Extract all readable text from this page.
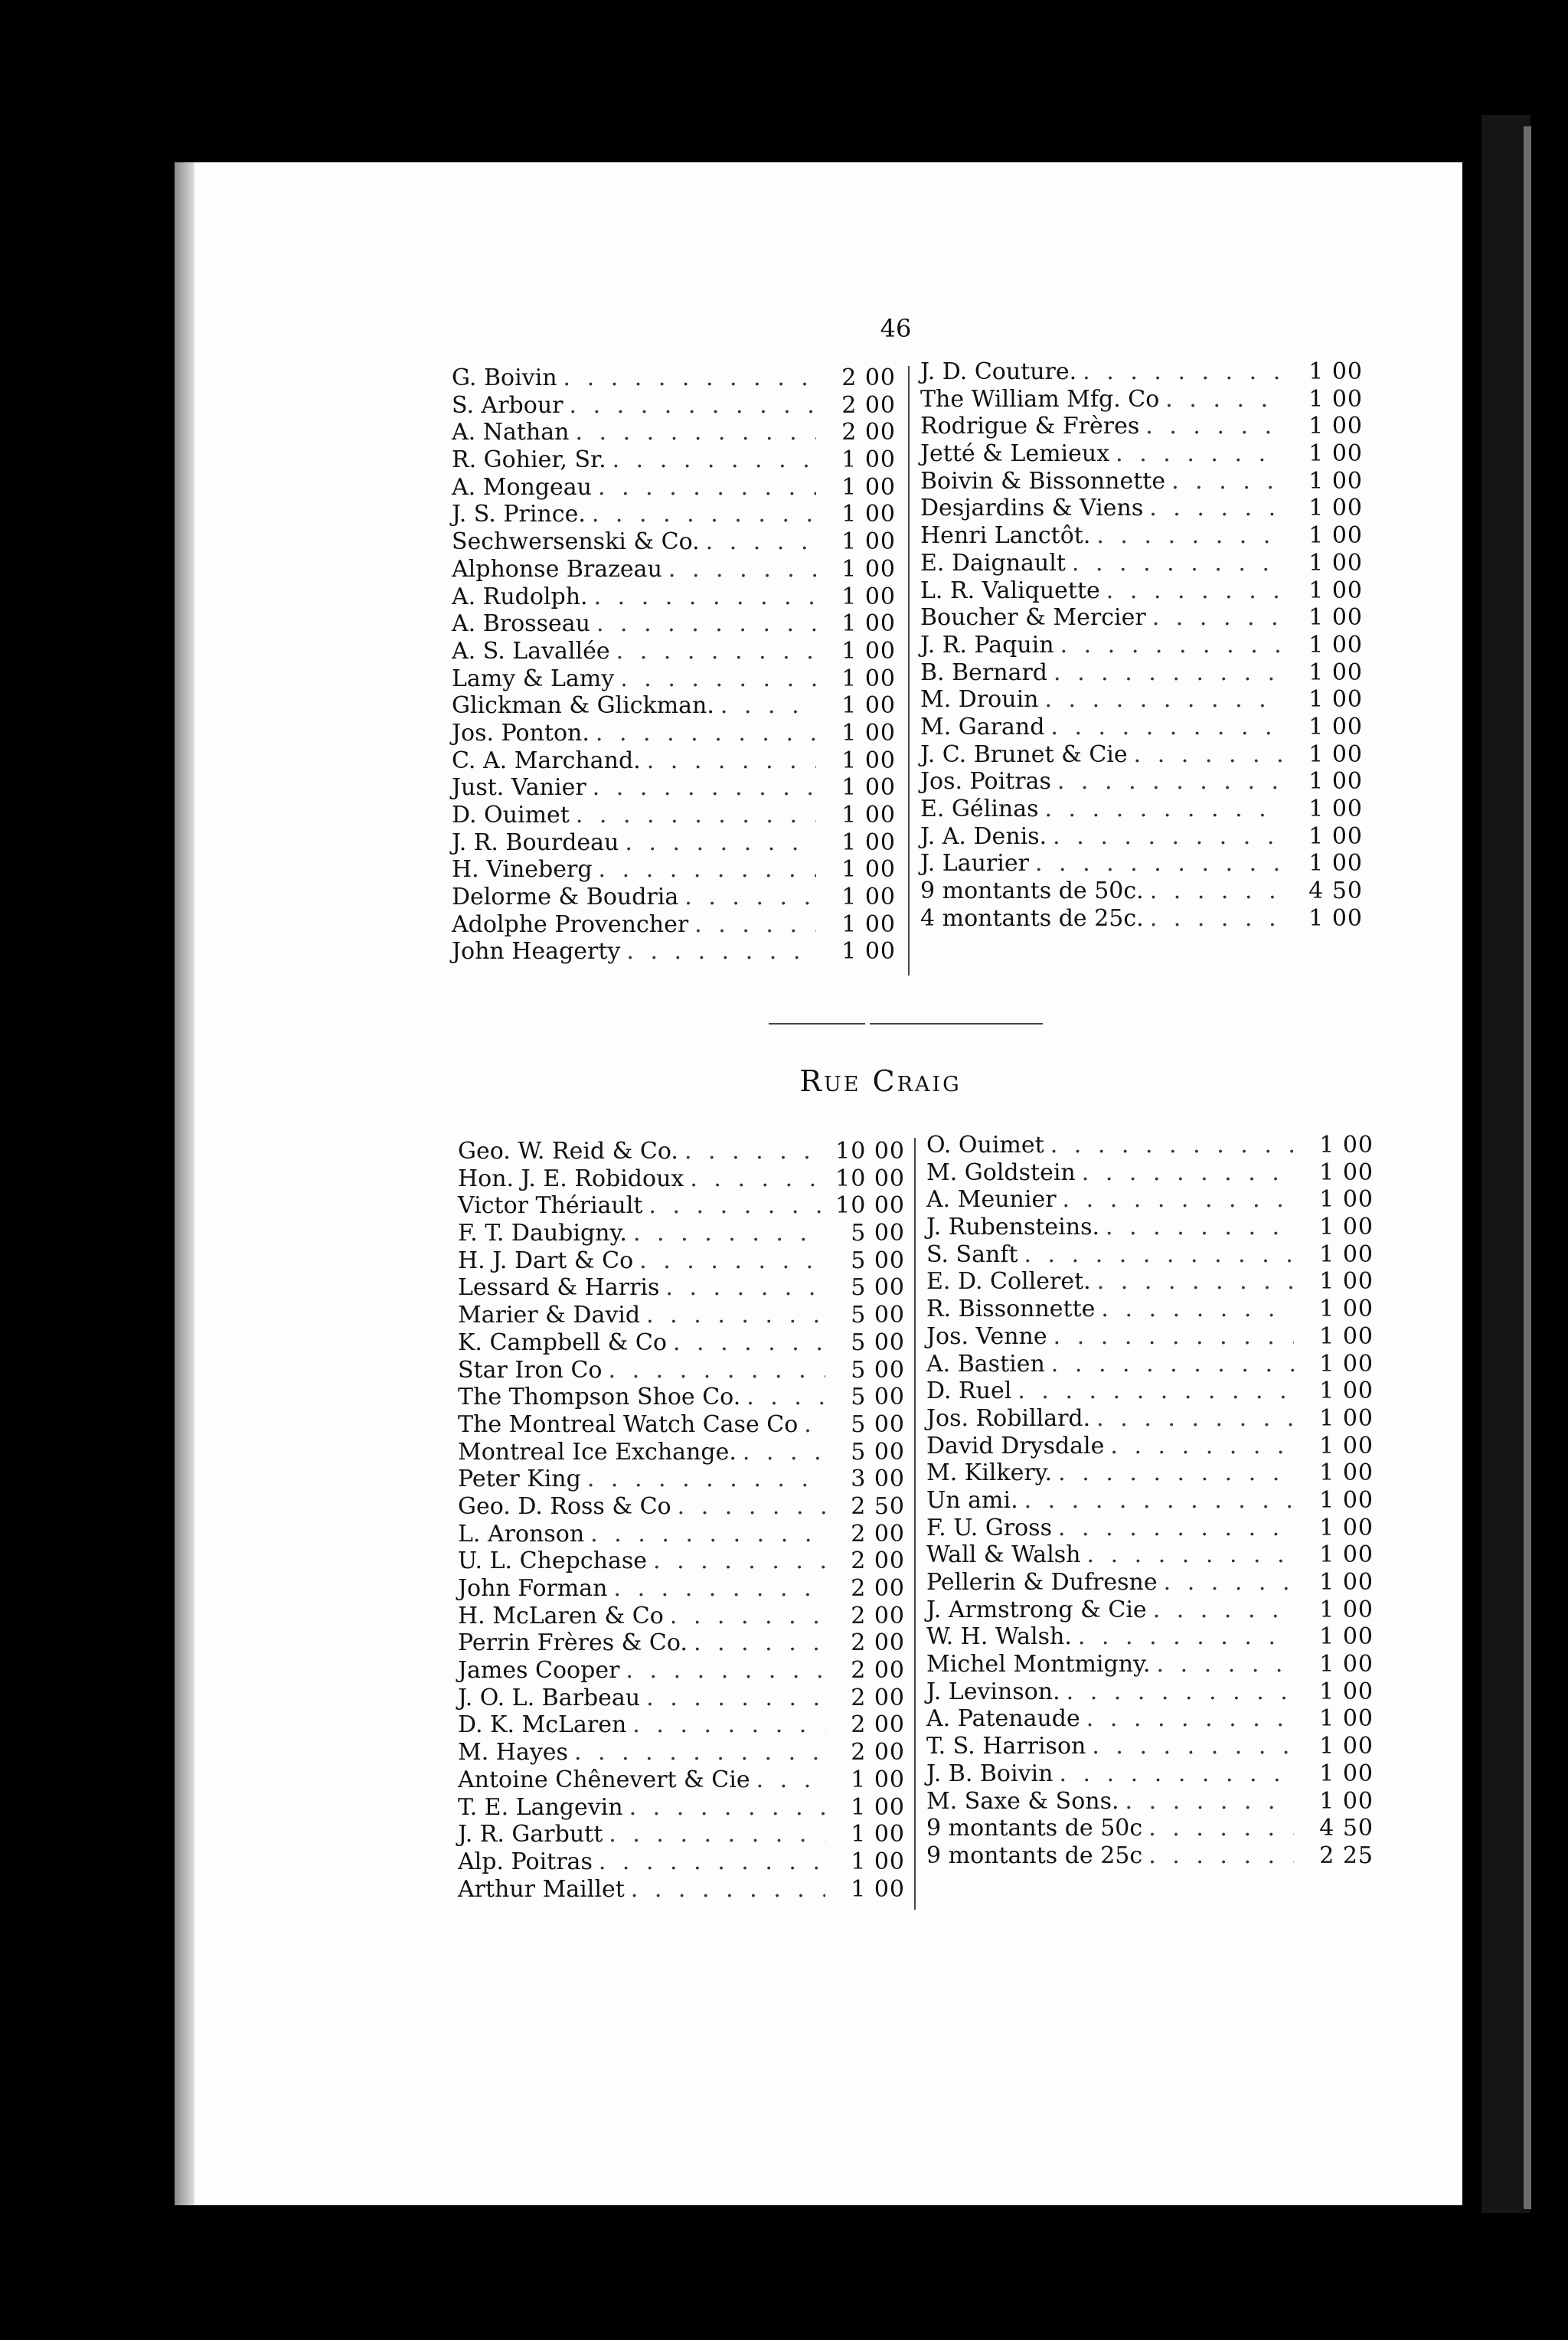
46
G. Boivin . . .	2 00
S. Arbour . . .	2 00
A. Nathan . . .	2 00
R. Gohier, Sr. . . .	1 00
A. Mongeau . . .	1 00
J. S. Prince. . . .	1 00
Sechwersenski & Co. . . .	1 00
Alphonse Brazeau . . .	1 00
A. Rudolph. . . .	1 00
A. Brosseau . . .	1 00
A. S. Lavallée . . .	1 00
Lamy & Lamy . . .	1 00
Glickman & Glickman. . . .	1 00
Jos. Ponton. . . .	1 00
C. A. Marchand. . . .	1 00
Just. Vanier . . .	1 00
D. Ouimet . . .	1 00
J. R. Bourdeau . . .	1 00
H. Vineberg . . .	1 00
Delorme & Boudria . . .	1 00
Adolphe Provencher . . .	1 00
John Heagerty . . .	1 00
J. D. Couture. . . .	1 00
The William Mfg. Co . . .	1 00
Rodrigue & Frères . . .	1 00
Jetté & Lemieux . . .	1 00
Boivin & Bissonnette . . .	1 00
Desjardins & Viens . . .	1 00
Henri Lanctôt. . . .	1 00
E. Daignault . . .	1 00
L. R. Valiquette . . .	1 00
Boucher & Mercier . . .	1 00
J. R. Paquin . . .	1 00
B. Bernard . . .	1 00
M. Drouin . . .	1 00
M. Garand . . .	1 00
J. C. Brunet & Cie . . .	1 00
Jos. Poitras . . .	1 00
E. Gélinas . . .	1 00
J. A. Denis. . . .	1 00
J. Laurier . . .	1 00
9 montants de 50c. . . .	4 50
4 montants de 25c. . . .	1 00
Rue Craig
Geo. W. Reid & Co. . . .	10 00
Hon. J. E. Robidoux . . .	10 00
Victor Thériault . . .	10 00
F. T. Daubigny. . . .	5 00
H. J. Dart & Co . . .	5 00
Lessard & Harris . . .	5 00
Marier & David . . .	5 00
K. Campbell & Co . . .	5 00
Star Iron Co . . .	5 00
The Thompson Shoe Co. . . .	5 00
The Montreal Watch Case Co . . .	5 00
Montreal Ice Exchange. . . .	5 00
Peter King . . .	3 00
Geo. D. Ross & Co . . .	2 50
L. Aronson . . .	2 00
U. L. Chepchase . . .	2 00
John Forman . . .	2 00
H. McLaren & Co . . .	2 00
Perrin Frères & Co. . . .	2 00
James Cooper . . .	2 00
J. O. L. Barbeau . . .	2 00
D. K. McLaren . . .	2 00
M. Hayes . . .	2 00
Antoine Chênevert & Cie . . .	1 00
T. E. Langevin . . .	1 00
J. R. Garbutt . . .	1 00
Alp. Poitras . . .	1 00
Arthur Maillet . . .	1 00
O. Ouimet . . .	1 00
M. Goldstein . . .	1 00
A. Meunier . . .	1 00
J. Rubensteins. . . .	1 00
S. Sanft . . .	1 00
E. D. Colleret. . . .	1 00
R. Bissonnette . . .	1 00
Jos. Venne . . .	1 00
A. Bastien . . .	1 00
D. Ruel . . .	1 00
Jos. Robillard. . . .	1 00
David Drysdale . . .	1 00
M. Kilkery. . . .	1 00
Un ami. . . .	1 00
F. U. Gross . . .	1 00
Wall & Walsh . . .	1 00
Pellerin & Dufresne . . .	1 00
J. Armstrong & Cie . . .	1 00
W. H. Walsh. . . .	1 00
Michel Montmigny. . . .	1 00
J. Levinson. . . .	1 00
A. Patenaude . . .	1 00
T. S. Harrison . . .	1 00
J. B. Boivin . . .	1 00
M. Saxe & Sons. . . .	1 00
9 montants de 50c . . .	4 50
9 montants de 25c . . .	2 25
